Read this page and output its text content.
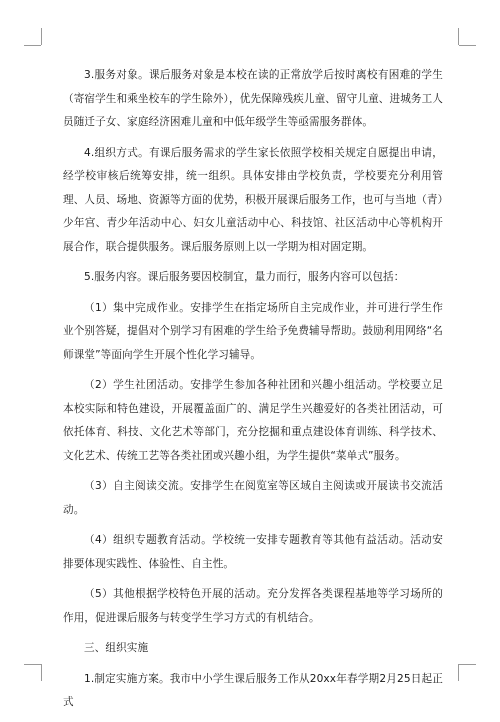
3.服务对象。课后服务对象是本校在读的正常放学后按时离校有困难的学生（寄宿学生和乘坐校车的学生除外），优先保障残疾儿童、留守儿童、进城务工人员随迁子女、家庭经济困难儿童和中低年级学生等亟需服务群体。

4.组织方式。有课后服务需求的学生家长依照学校相关规定自愿提出申请，经学校审核后统筹安排，统一组织。具体安排由学校负责，学校要充分利用管理、人员、场地、资源等方面的优势，积极开展课后服务工作，也可与当地（青）少年宫、青少年活动中心、妇女儿童活动中心、科技馆、社区活动中心等机构开展合作，联合提供服务。课后服务原则上以一学期为相对固定期。

5.服务内容。课后服务要因校制宜，量力而行，服务内容可以包括：

（1）集中完成作业。安排学生在指定场所自主完成作业，并可进行学生作业个别答疑，提倡对个别学习有困难的学生给予免费辅导帮助。鼓励利用网络“名师课堂”等面向学生开展个性化学习辅导。

（2）学生社团活动。安排学生参加各种社团和兴趣小组活动。学校要立足本校实际和特色建设，开展覆盖面广的、满足学生兴趣爱好的各类社团活动，可依托体育、科技、文化艺术等部门，充分挖掘和重点建设体育训练、科学技术、文化艺术、传统工艺等各类社团或兴趣小组，为学生提供“菜单式”服务。

（3）自主阅读交流。安排学生在阅览室等区域自主阅读或开展读书交流活动。

（4）组织专题教育活动。学校统一安排专题教育等其他有益活动。活动安排要体现实践性、体验性、自主性。

（5）其他根据学校特色开展的活动。充分发挥各类课程基地等学习场所的作用，促进课后服务与转变学生学习方式的有机结合。

三、组织实施

1.制定实施方案。我市中小学生课后服务工作从20xx年春学期2月25日起正式
